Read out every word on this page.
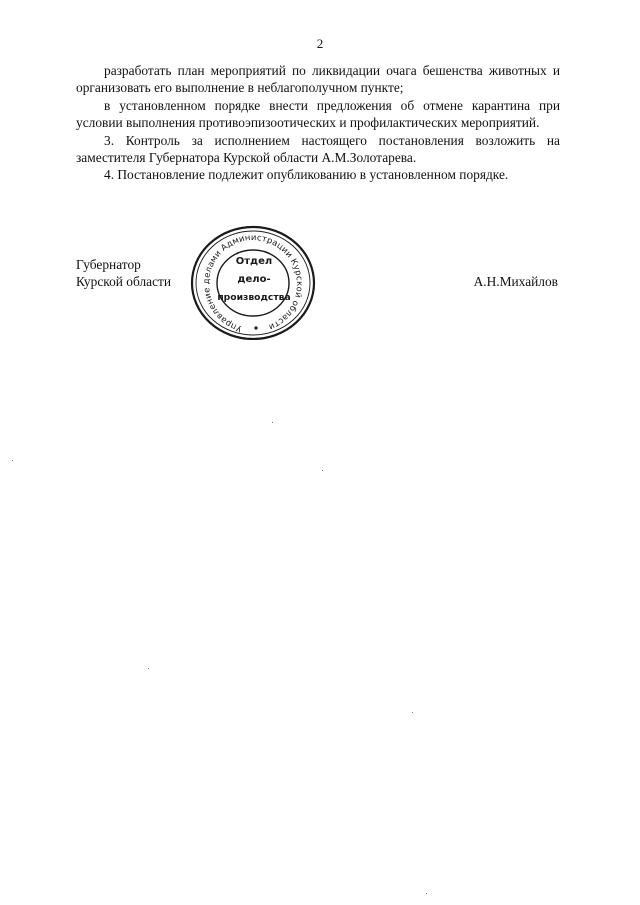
2

разработать план мероприятий по ликвидации очага бешенства животных и организовать его выполнение в неблагополучном пункте;

в установленном порядке внести предложения об отмене карантина при условии выполнения противоэпизоотических и профилактических мероприятий.

3. Контроль за исполнением настоящего постановления возложить на заместителя Губернатора Курской области А.М.Золотарева.

4. Постановление подлежит опубликованию в установленном порядке.

Губернатор
Курской области	А.Н.Михайлов
Управление делами Администрации Курской области
Отдел
дело-
производства
